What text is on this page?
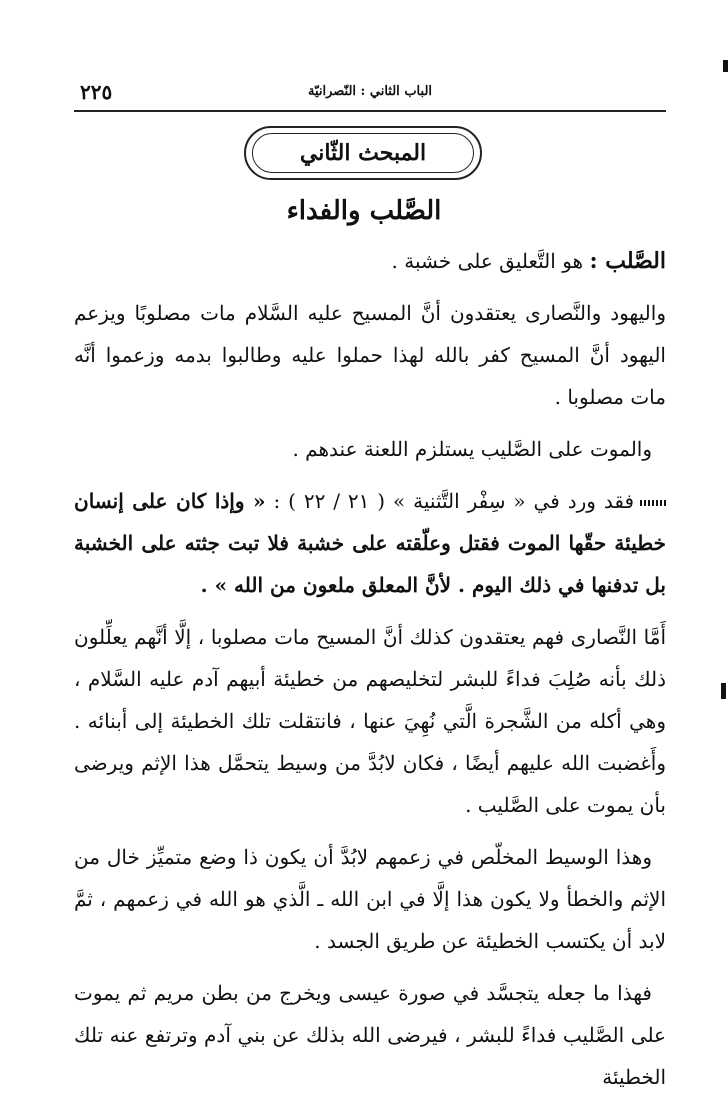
الباب الثاني : النّصرانيّة
٢٢٥
المبحث الثّاني
الصَّلب والفداء

الصَّلب : هو التَّعليق على خشبة .

واليهود والنَّصارى يعتقدون أنَّ المسيح عليه السَّلام مات مصلوبًا ويزعم اليهود أنَّ المسيح كفر بالله لهذا حملوا عليه وطالبوا بدمه وزعموا أنَّه مات مصلوبا .

والموت على الصَّليب يستلزم اللعنة عندهم .

فقد ورد في « سِفْر التَّثنية » ( ٢١ / ٢٢ ) : « وإذا كان على إنسان خطيئة حقّها الموت فقتل وعلّقته على خشبة فلا تبت جثته على الخشبة بل تدفنها في ذلك اليوم . لأنَّ المعلق ملعون من الله » .

أَمَّا النَّصارى فهم يعتقدون كذلك أنَّ المسيح مات مصلوبا ، إلَّا أنَّهم يعلِّلون ذلك بأنه صُلِبَ فداءً للبشر لتخليصهم من خطيئة أبيهم آدم عليه السَّلام ، وهي أكله من الشَّجرة الَّتي نُهِيَ عنها ، فانتقلت تلك الخطيئة إلى أبنائه . وأَغضبت الله عليهم أيضًا ، فكان لابُدَّ من وسيط يتحمَّل هذا الإثم ويرضى بأن يموت على الصَّليب .

وهذا الوسيط المخلّص في زعمهم لابُدَّ أن يكون ذا وضع متميِّز خال من الإثم والخطأ ولا يكون هذا إلَّا في ابن الله ـ الَّذي هو الله في زعمهم ، ثمَّ لابد أن يكتسب الخطيئة عن طريق الجسد .

فهذا ما جعله يتجسَّد في صورة عيسى ويخرج من بطن مريم ثم يموت على الصَّليب فداءً للبشر ، فيرضى الله بذلك عن بني آدم وترتفع عنه تلك الخطيئة
